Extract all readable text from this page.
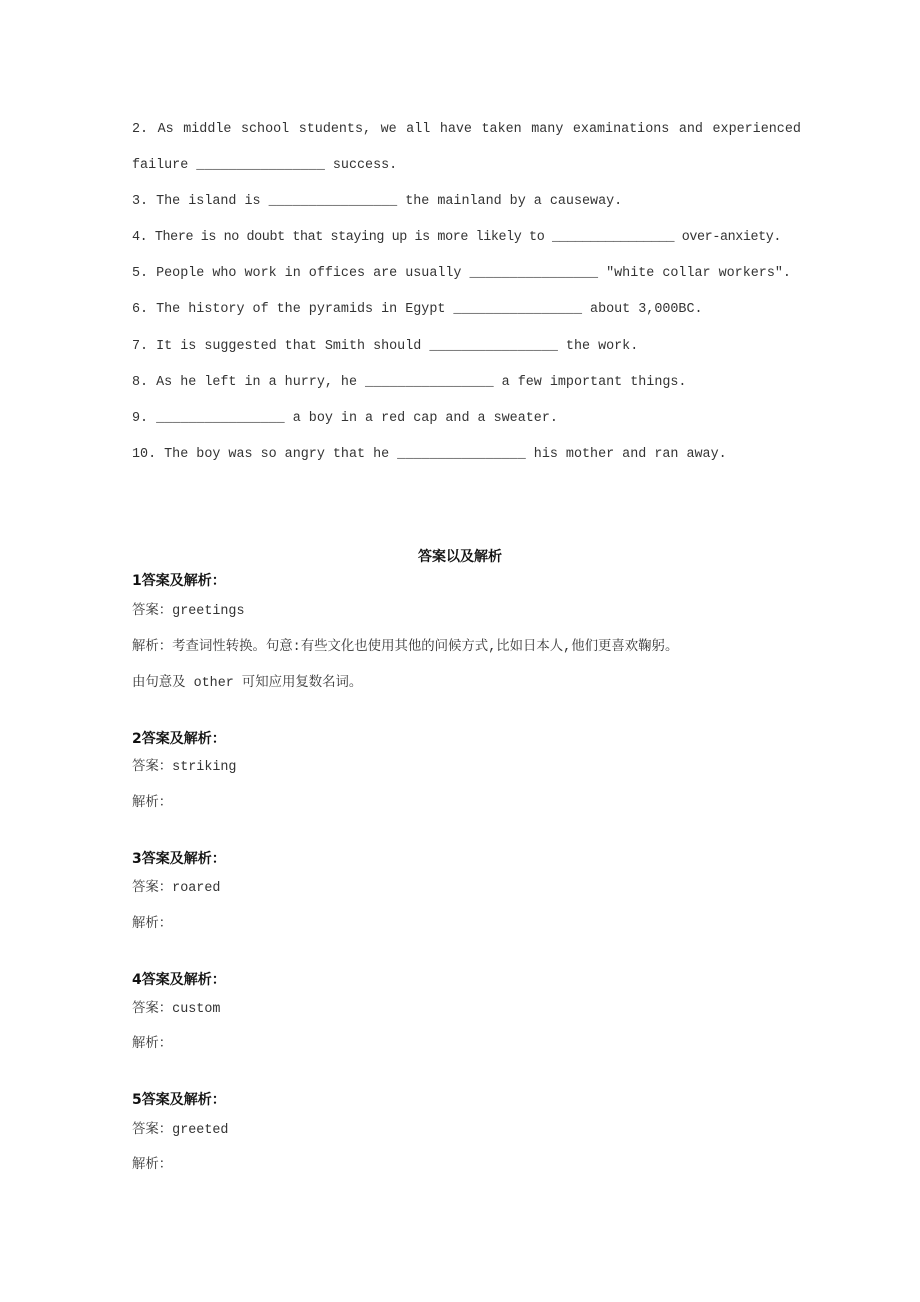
2. As middle school students, we all have taken many examinations and experienced
failure ________________ success.
3. The island is ________________ the mainland by a causeway.
4. There is no doubt that staying up is more likely to ________________ over-anxiety.
5. People who work in offices are usually ________________ "white collar workers".
6. The history of the pyramids in Egypt ________________ about 3,000BC.
7. It is suggested that Smith should ________________ the work.
8. As he left in a hurry, he ________________ a few important things.
9. ________________ a boy in a red cap and a sweater.
10. The boy was so angry that he ________________ his mother and ran away.
答案以及解析
1答案及解析：
答案：greetings
解析：考查词性转换。句意:有些文化也使用其他的问候方式,比如日本人,他们更喜欢鞠躬。
由句意及 other 可知应用复数名词。
2答案及解析：
答案：striking
解析：
3答案及解析：
答案：roared
解析：
4答案及解析：
答案：custom
解析：
5答案及解析：
答案：greeted
解析：
